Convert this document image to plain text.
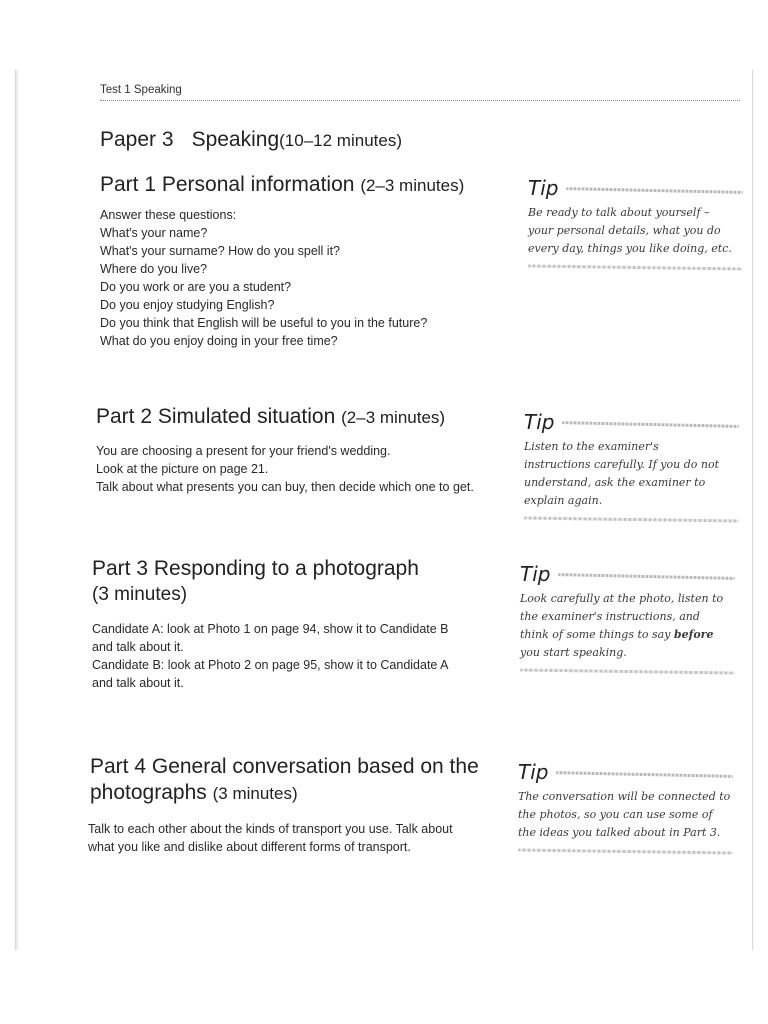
Test 1 Speaking
Paper 3 Speaking(10–12 minutes)
Part 1 Personal information (2–3 minutes)
Answer these questions:
What's your name?
What's your surname? How do you spell it?
Where do you live?
Do you work or are you a student?
Do you enjoy studying English?
Do you think that English will be useful to you in the future?
What do you enjoy doing in your free time?
Tip
Be ready to talk about yourself –
your personal details, what you do
every day, things you like doing, etc.
Part 2 Simulated situation (2–3 minutes)
You are choosing a present for your friend's wedding.
Look at the picture on page 21.
Talk about what presents you can buy, then decide which one to get.
Tip
Listen to the examiner's
instructions carefully. If you do not
understand, ask the examiner to
explain again.
Part 3 Responding to a photograph
(3 minutes)
Candidate A: look at Photo 1 on page 94, show it to Candidate B
and talk about it.
Candidate B: look at Photo 2 on page 95, show it to Candidate A
and talk about it.
Tip
Look carefully at the photo, listen to
the examiner's instructions, and
think of some things to say before
you start speaking.
Part 4 General conversation based on the
photographs (3 minutes)
Talk to each other about the kinds of transport you use. Talk about
what you like and dislike about different forms of transport.
Tip
The conversation will be connected to
the photos, so you can use some of
the ideas you talked about in Part 3.
